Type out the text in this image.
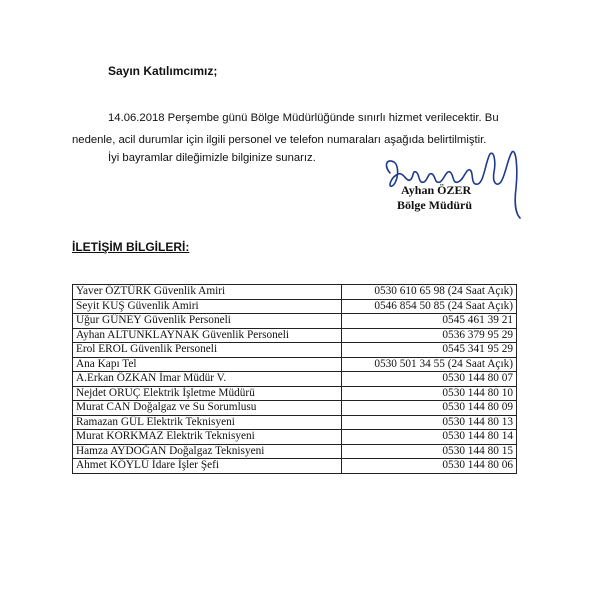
Sayın Katılımcımız;

14.06.2018 Perşembe günü Bölge Müdürlüğünde sınırlı hizmet verilecektir. Bu nedenle, acil durumlar için ilgili personel ve telefon numaraları aşağıda belirtilmiştir.

İyi bayramlar dileğimizle bilginize sunarız.

Ayhan ÖZER
Bölge Müdürü
İLETİŞİM BİLGİLERİ:
Yaver ÖZTÜRK Güvenlik Amiri	0530 610 65 98 (24 Saat Açık)
Seyit KUŞ Güvenlik Amiri	0546 854 50 85 (24 Saat Açık)
Uğur GÜNEY Güvenlik Personeli	0545 461 39 21
Ayhan ALTUNKLAYNAK Güvenlik Personeli	0536 379 95 29
Erol EROL Güvenlik Personeli	0545 341 95 29
Ana Kapı Tel	0530 501 34 55 (24 Saat Açık)
A.Erkan ÖZKAN İmar Müdür V.	0530 144 80 07
Nejdet ORUÇ Elektrik İşletme Müdürü	0530 144 80 10
Murat CAN Doğalgaz ve Su Sorumlusu	0530 144 80 09
Ramazan GÜL Elektrik Teknisyeni	0530 144 80 13
Murat KORKMAZ Elektrik Teknisyeni	0530 144 80 14
Hamza AYDOĞAN Doğalgaz Teknisyeni	0530 144 80 15
Ahmet KÖYLÜ İdare İşler Şefi	0530 144 80 06
